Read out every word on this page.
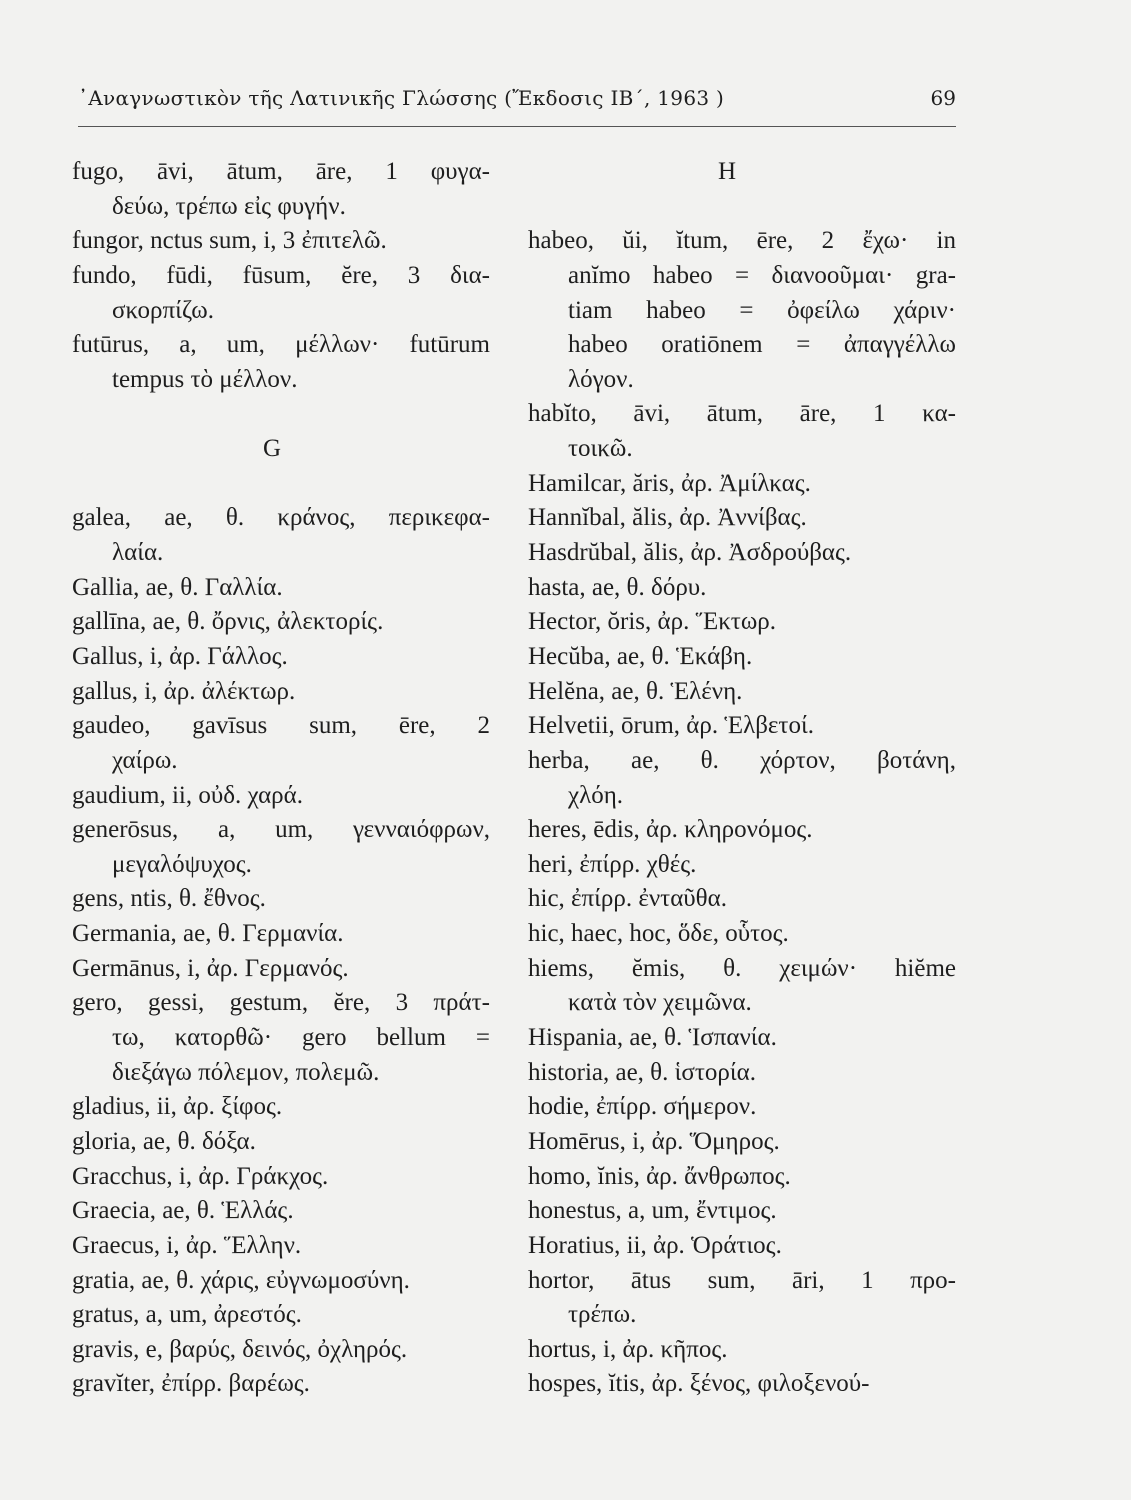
᾿Αναγνωστικὸν τῆς Λατινικῆς Γλώσσης (Ἔκδοσις ΙΒ΄, 1963 )	69
fugo, āvi, ātum, āre, 1 φυγα-
δεύω, τρέπω εἰς φυγήν.
fungor, nctus sum, i, 3 ἐπιτελῶ.
fundo, fūdi, fūsum, ĕre, 3 δια-
σκορπίζω.
futūrus, a, um, μέλλων· futūrum
tempus τὸ μέλλον.
G
galea, ae, θ. κράνος, περικεφα-
λαία.
Gallia, ae, θ. Γαλλία.
gallīna, ae, θ. ὄρνις, ἀλεκτορίς.
Gallus, i, ἀρ. Γάλλος.
gallus, i, ἀρ. ἀλέκτωρ.
gaudeo, gavīsus sum, ēre, 2
χαίρω.
gaudium, ii, οὐδ. χαρά.
generōsus, a, um, γενναιόφρων,
μεγαλόψυχος.
gens, ntis, θ. ἔθνος.
Germania, ae, θ. Γερμανία.
Germānus, i, ἀρ. Γερμανός.
gero, gessi, gestum, ĕre, 3 πράτ-
τω, κατορθῶ· gero bellum =
διεξάγω πόλεμον, πολεμῶ.
gladius, ii, ἀρ. ξίφος.
gloria, ae, θ. δόξα.
Gracchus, i, ἀρ. Γράκχος.
Graecia, ae, θ. Ἑλλάς.
Graecus, i, ἀρ. Ἕλλην.
gratia, ae, θ. χάρις, εὐγνωμοσύνη.
gratus, a, um, ἀρεστός.
gravis, e, βαρύς, δεινός, ὀχληρός.
gravĭter, ἐπίρρ. βαρέως.
H
habeo, ŭi, ĭtum, ēre, 2 ἔχω· in
anĭmo habeo = διανοοῦμαι· gra-
tiam habeo = ὀφείλω χάριν·
habeo oratiōnem = ἀπαγγέλλω
λόγον.
habĭto, āvi, ātum, āre, 1 κα-
τοικῶ.
Hamilcar, ăris, ἀρ. Ἀμίλκας.
Hannĭbal, ălis, ἀρ. Ἀννίβας.
Hasdrŭbal, ălis, ἀρ. Ἀσδρούβας.
hasta, ae, θ. δόρυ.
Hector, ŏris, ἀρ. Ἕκτωρ.
Hecŭba, ae, θ. Ἑκάβη.
Helĕna, ae, θ. Ἑλένη.
Helvetii, ōrum, ἀρ. Ἑλβετοί.
herba, ae, θ. χόρτον, βοτάνη,
χλόη.
heres, ēdis, ἀρ. κληρονόμος.
heri, ἐπίρρ. χθές.
hic, ἐπίρρ. ἐνταῦθα.
hic, haec, hoc, ὅδε, οὗτος.
hiems, ĕmis, θ. χειμών· hiĕme
κατὰ τὸν χειμῶνα.
Hispania, ae, θ. Ἱσπανία.
historia, ae, θ. ἱστορία.
hodie, ἐπίρρ. σήμερον.
Homērus, i, ἀρ. Ὅμηρος.
homo, ĭnis, ἀρ. ἄνθρωπος.
honestus, a, um, ἔντιμος.
Horatius, ii, ἀρ. Ὁράτιος.
hortor, ātus sum, āri, 1 προ-
τρέπω.
hortus, i, ἀρ. κῆπος.
hospes, ĭtis, ἀρ. ξένος, φιλοξενού-
